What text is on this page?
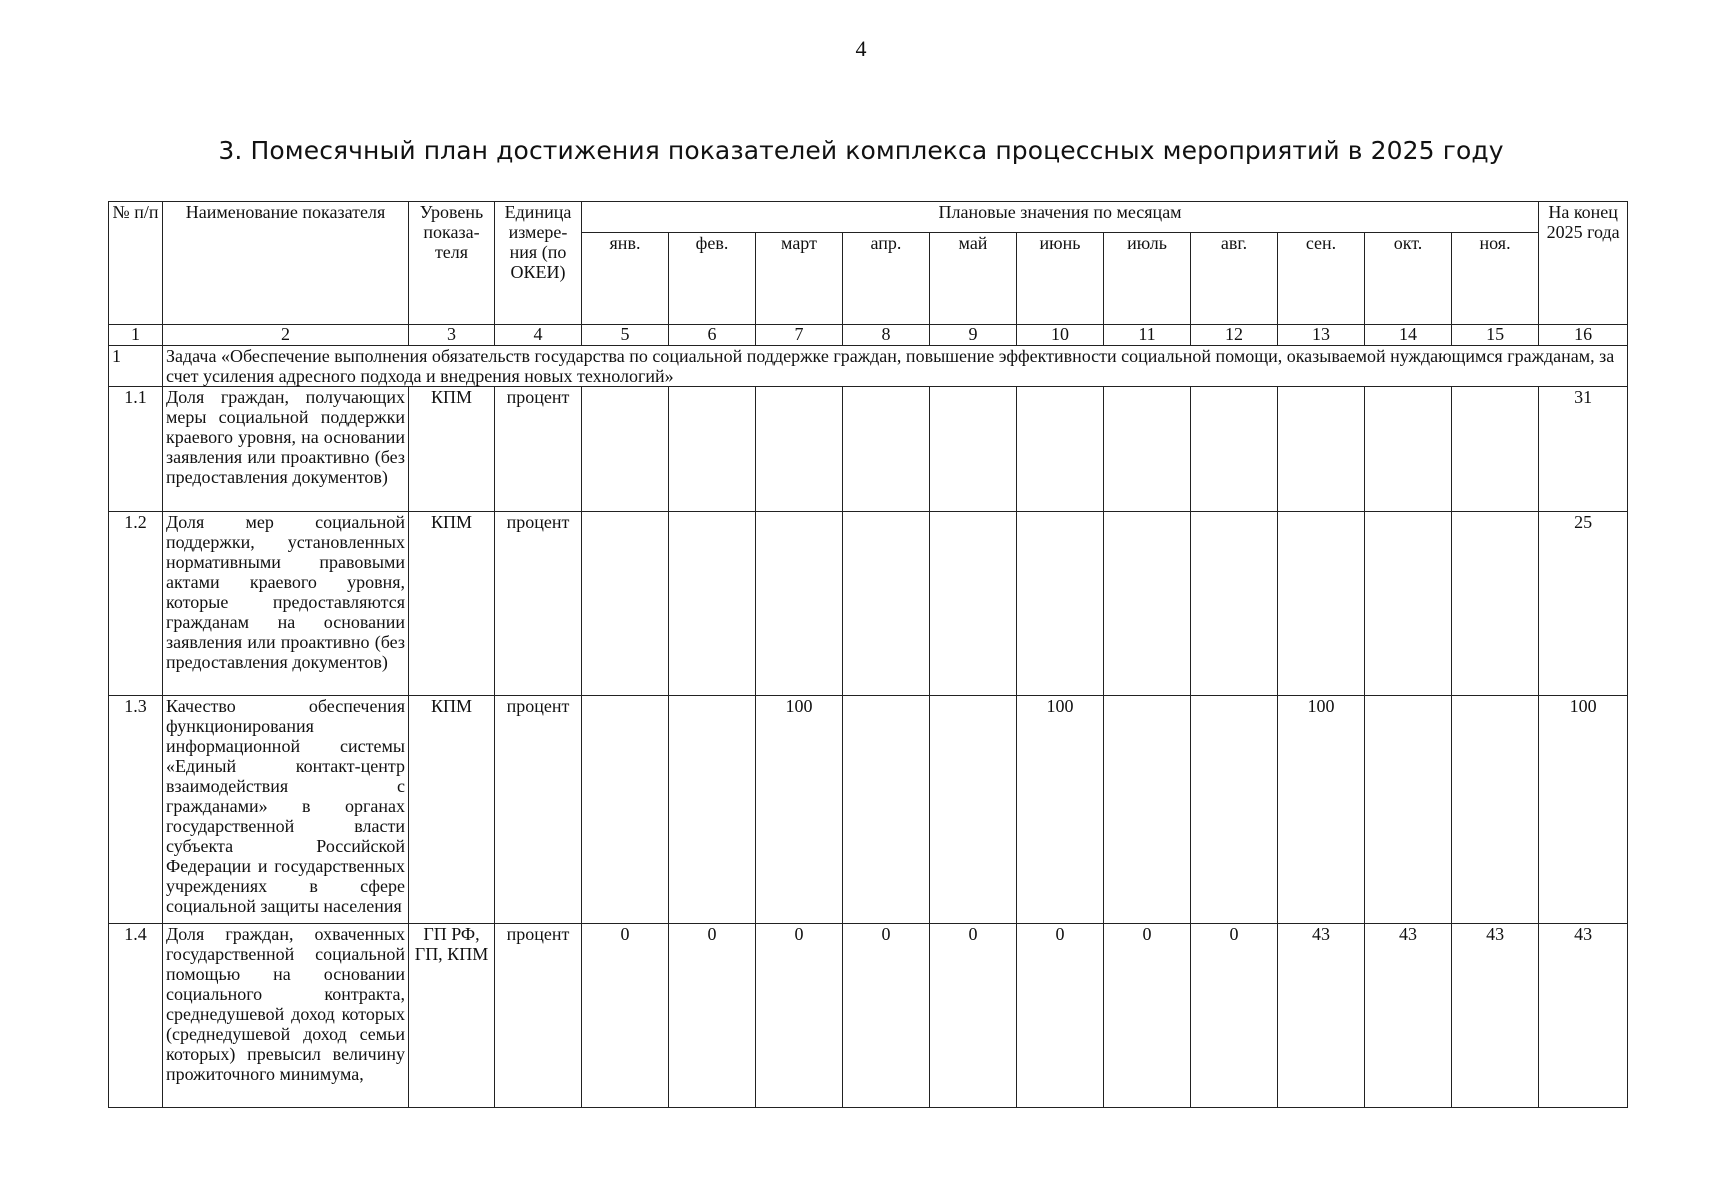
4
3. Помесячный план достижения показателей комплекса процессных мероприятий в 2025 году
№ п/п	Наименование показателя	Уровень показа-теля	Единица измере-ния (по ОКЕИ)	Плановые значения по месяцам											На конец 2025 года
				янв.	фев.	март	апр.	май	июнь	июль	авг.	сен.	окт.	ноя.	
1	2	3	4	5	6	7	8	9	10	11	12	13	14	15	16
1	Задача «Обеспечение выполнения обязательств государства по социальной поддержке граждан, повышение эффективности социальной помощи, оказываемой нуждающимся гражданам, за счет усиления адресного подхода и внедрения новых технологий»														
1.1	Доля граждан, получающих меры социальной поддержки краевого уровня, на основании заявления или проактивно (без предоставления документов)	КПМ	процент												31
1.2	Доля мер социальной поддержки, установленных нормативными правовыми актами краевого уровня, которые предоставляются гражданам на основании заявления или проактивно (без предоставления документов)	КПМ	процент												25
1.3	Качество обеспечения функционирования информационной системы «Единый контакт-центр взаимодействия с гражданами» в органах государственной власти субъекта Российской Федерации и государственных учреждениях в сфере социальной защиты населения	КПМ	процент			100			100			100			100
1.4	Доля граждан, охваченных государственной социальной помощью на основании социального контракта, среднедушевой доход которых (среднедушевой доход семьи которых) превысил величину прожиточного минимума,	ГП РФ, ГП, КПМ	процент	0	0	0	0	0	0	0	0	43	43	43	43
